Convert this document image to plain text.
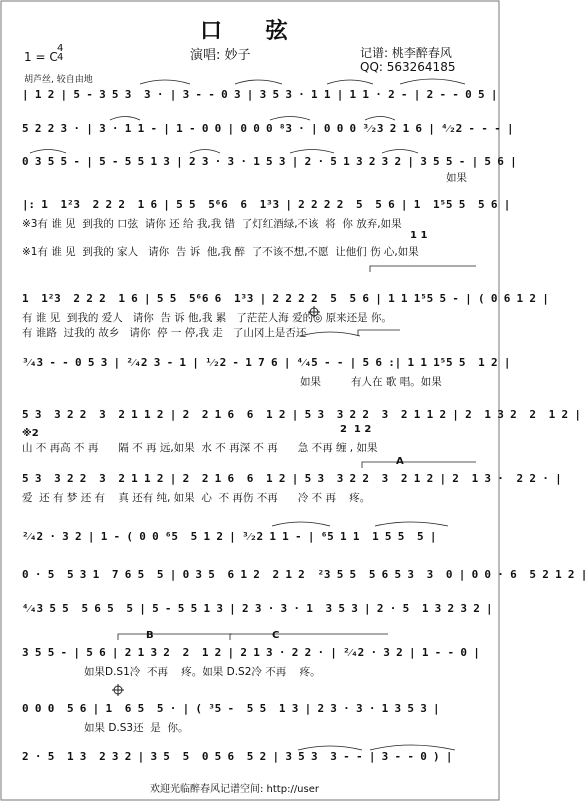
口 弦
演唱: 妙子	记谱: 桃李醉春风
QQ: 563264185
1 = C
4
4
胡芦丝, 较自由地
| 1 2 | 5 - 3 5 3  3 · | 3 - - 0 3 | 3 5 3 · 1 1 | 1 1 · 2 - | 2 - - 0 5 |
5 2 2 3 · | 3 · 1 1 - | 1 - 0 0 | 0 0 0 ⁸3 · | 0 0 0 ³⁄₂3 2 1 6 | ⁴⁄₂2 - - - |
0 3 5 5 - | 5 - 5 5 1 3 | 2 3 · 3 · 1 5 3 | 2 · 5 1 3 2 3 2 | 3 5 5 - | 5 6 |
如果
|: 1  1²3  2 2 2  1 6 | 5 5  5⁶6  6  1³3 | 2 2 2 2  5  5 6 | 1  1⁵5 5  5 6 |
※3有 谁 见  到我的 口弦  请你 还 给 我,我 错  了灯红酒绿,不该  将  你 放弃,如果
1 1
※1有 谁 见  到我的 家人   请你  告 诉  他,我 醉  了不该不想,不愿  让他们 伤 心,如果
1  1²3  2 2 2  1 6 | 5 5  5⁶6 6  1³3 | 2 2 2 2  5  5 6 | 1 1 1⁵5 5 - | ( 0 6 1 2 |
有 谁 见  到我的 爱人   请你  告 诉 他,我 累   了茫茫人海 爱的◎ 原来还是 你。
有 谁路  过我的 故乡   请你  停 一 停,我 走   了山冈上是否还
³⁄₄3 - - 0 5 3 | ²⁄₄2 3 - 1 | ¹⁄₂2 - 1 7 6 | ⁴⁄₄5 - - | 5 6 :| 1 1 1⁵5 5  1 2 |
如果         有人在 歌 唱。如果
5 3  3 2 2  3  2 1 1 2 | 2  2 1 6  6  1 2 | 5 3  3 2 2  3  2 1 1 2 | 2  1 3 2  2  1 2 |
※2	2  1 2
山 不 再高 不 再      隔 不 再 远,如果  水 不 再深 不 再      急 不再 缠 , 如果
5 3  3 2 2  3  2 1 1 2 | 2  2 1 6  6  1 2 | 5 3  3 2 2  3  2 1 2 | 2  1 3 ·  2 2 · |
A
爱  还 有 梦 还 有    真 还有 纯, 如果  心  不 再伤 不再      冷 不 再    疼。
²⁄₄2 · 3 2 | 1 - ( 0 0 ⁶5  5 1 2 | ³⁄₂2 1 1 - | ⁶5 1 1  1 5 5  5 |
0 · 5  5 3 1  7 6 5  5 | 0 3 5  6 1 2  2 1 2  ²3 5 5  5 6 5 3  3  0 | 0 0 · 6  5 2 1 2 |
⁴⁄₄3 5 5  5 6 5  5 | 5 - 5 5 1 3 | 2 3 · 3 · 1  3 5 3 | 2 · 5  1 3 2 3 2 |
3 5 5 - | 5 6 | 2 1 3 2  2  1 2 | 2 1 3 · 2 2 · | ²⁄₄2 · 3 2 | 1 - - 0 |
B	C
如果D.S1冷  不再    疼。如果 D.S2冷 不再    疼。
0 0 0  5 6 | 1  6 5  5 · | ( ³5 -  5 5  1 3 | 2 3 · 3 · 1 3 5 3 |
如果 D.S3还  是  你。
2 · 5  1 3  2 3 2 | 3 5  5  0 5 6  5 2 | 3 5 3  3 - - | 3 - - 0 ) |
欢迎光临醉春风记谱空间: http://user
